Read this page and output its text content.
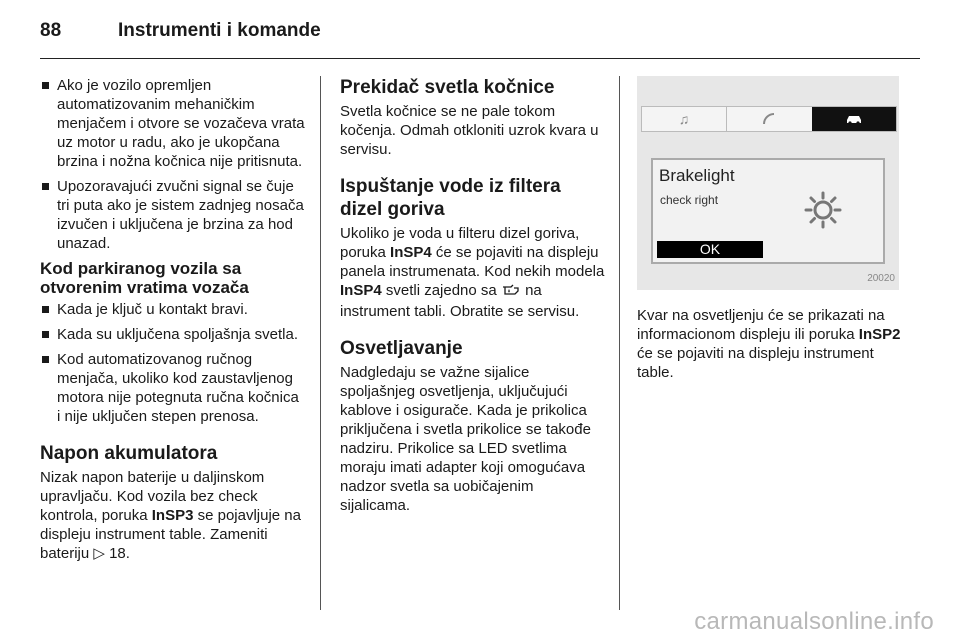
88	Instrumenti i komande
Ako je vozilo opremljen automatizovanim mehaničkim menjačem i otvore se vozačeva vrata uz motor u radu, ako je ukopčana brzina i nožna kočnica nije pritisnuta.
Upozoravajući zvučni signal se čuje tri puta ako je sistem zadnjeg nosača izvučen i uključena je brzina za hod unazad.
Kod parkiranog vozila sa otvorenim vratima vozača
Kada je ključ u kontakt bravi.
Kada su uključena spoljašnja svetla.
Kod automatizovanog ručnog menjača, ukoliko kod zaustavljenog motora nije potegnuta ručna kočnica i nije uključen stepen prenosa.
Napon akumulatora

Nizak napon baterije u daljinskom upravljaču. Kod vozila bez check kontrola, poruka InSP3 se pojavljuje na displeju instrument table. Zameniti bateriju ▷ 18.

Prekidač svetla kočnice

Svetla kočnice se ne pale tokom kočenja. Odmah otkloniti uzrok kvara u servisu.

Ispuštanje vode iz filtera dizel goriva

Ukoliko je voda u filteru dizel goriva, poruka InSP4 će se pojaviti na displeju panela instrumenata. Kod nekih modela InSP4 svetli zajedno sa  na instrument tabli. Obratite se servisu.

Osvetljavanje

Nadgledaju se važne sijalice spoljašnjeg osvetljenja, uključujući kablove i osigurače. Kada je prikolica priključena i svetla prikolice se takođe nadziru. Prikolice sa LED svetlima moraju imati adapter koji omogućava nadzor svetla sa uobičajenim sijalicama.

♫
Brakelight
check right
OK
20020

Kvar na osvetljenju će se prikazati na informacionom displeju ili poruka InSP2 će se pojaviti na displeju instrument table.

carmanualsonline.info
